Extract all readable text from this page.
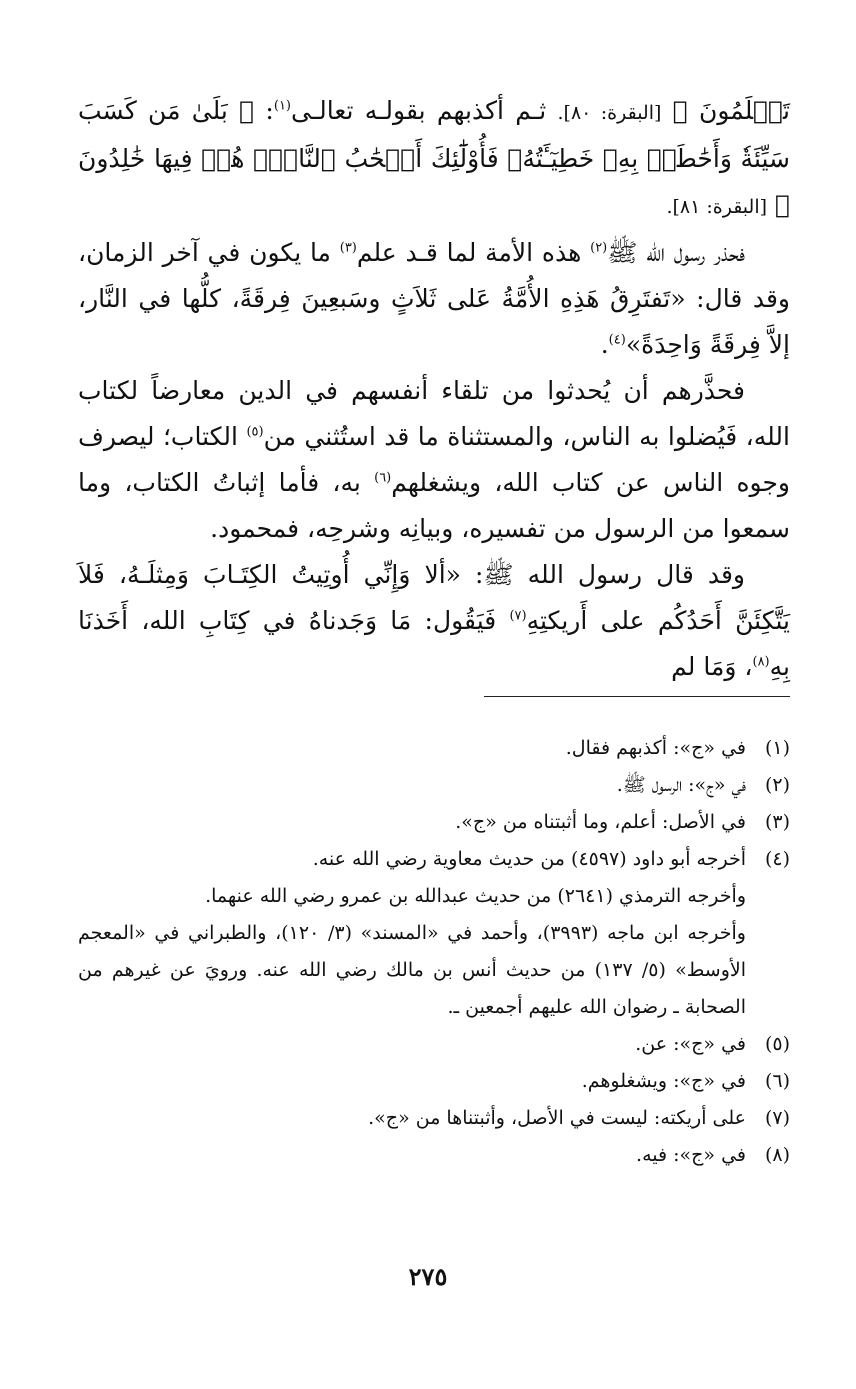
تَعۡلَمُونَ ﴾ [البقرة: ٨٠]. ثـم أكذبهم بقولـه تعالـى$^{(١)}$: ﴿ بَلَىٰ مَن كَسَبَ سَيِّئَةٗ وَأَحَٰطَتۡ بِهِۦ خَطِيٓـَٔتُهُۥ فَأُوْلَٰٓئِكَ أَصۡحَٰبُ ٱلنَّارِۖ هُمۡ فِيهَا خَٰلِدُونَ ﴾ [البقرة: ٨١].

فحذر رسول الله ﷺ$^{(٢)}$ هذه الأمة لما قـد علم$^{(٣)}$ ما يكون في آخر الزمان، وقد قال: «تَفتَرِقُ هَذِهِ الأُمَّةُ عَلى ثَلاَثٍ وسَبعِينَ فِرقَةً، كلُّها في النَّار، إلاَّ فِرقَةً وَاحِدَةً»$^{(٤)}$.

فحذَّرهم أن يُحدثوا من تلقاء أنفسهم في الدين معارضاً لكتاب الله، فَيُضلوا به الناس، والمستثناة ما قد استُثني من$^{(٥)}$ الكتاب؛ ليصرف وجوه الناس عن كتاب الله، ويشغلهم$^{(٦)}$ به، فأما إثباتُ الكتاب، وما سمعوا من الرسول من تفسيره، وبيانِه وشرحِه، فمحمود.

وقد قال رسول الله ﷺ: «ألا وَإِنِّي أُوتِيتُ الكِتَـابَ وَمِثلَـهُ، فَلاَ يَتَّكِئَنَّ أَحَدُكُم على أَريكتِهِ$^{(٧)}$ فَيَقُول: مَا وَجَدناهُ في كِتَابِ الله، أَخَذنَا بِهِ$^{(٨)}$، وَمَا لم

(١)
في «ج»: أكذبهم فقال.
(٢)
في «ج»: الرسول ﷺ.
(٣)
في الأصل: أعلم، وما أثبتناه من «ج».
(٤)
أخرجه أبو داود (٤٥٩٧) من حديث معاوية رضي الله عنه.
وأخرجه الترمذي (٢٦٤١) من حديث عبدالله بن عمرو رضي الله عنهما.
وأخرجه ابن ماجه (٣٩٩٣)، وأحمد في «المسند» (٣/ ١٢٠)، والطبراني في «المعجم الأوسط» (٥/ ١٣٧) من حديث أنس بن مالك رضي الله عنه. ورويَ عن غيرهم من الصحابة ـ رضوان الله عليهم أجمعين ـ.
(٥)
في «ج»: عن.
(٦)
في «ج»: ويشغلوهم.
(٧)
على أريكته: ليست في الأصل، وأثبتناها من «ج».
(٨)
في «ج»: فيه.
٢٧٥
